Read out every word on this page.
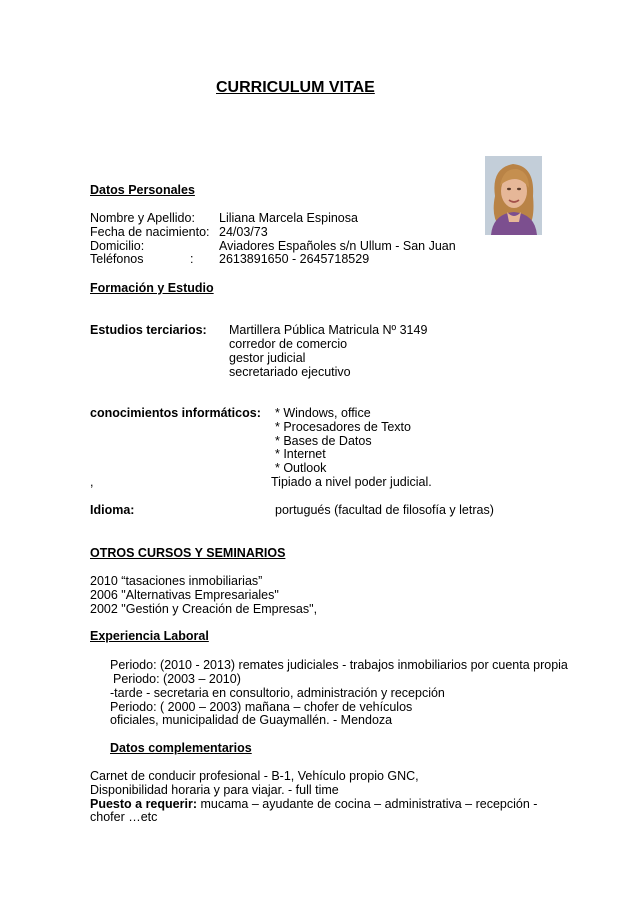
CURRICULUM VITAE
Datos Personales
Nombre y Apellido: Liliana Marcela Espinosa
Fecha de nacimiento: 24/03/73
Domicilio:	Aviadores Españoles s/n Ullum - San Juan
Teléfonos	: 2613891650 - 2645718529
Formación y Estudio
Estudios terciarios: Martillera Pública Matricula Nº 3149
corredor de comercio
gestor judicial
secretariado ejecutivo
conocimientos informáticos: * Windows, office
* Procesadores de Texto
* Bases de Datos
* Internet
* Outlook
,	Tipiado a nivel poder judicial.
Idioma:	portugués (facultad de filosofía y letras)
OTROS CURSOS Y SEMINARIOS
2010 “tasaciones inmobiliarias”
2006 "Alternativas Empresariales"
2002 "Gestión y Creación de Empresas",
Experiencia Laboral
Periodo: (2010 - 2013) remates judiciales - trabajos inmobiliarios por cuenta propia
Periodo: (2003 – 2010)
-tarde - secretaria en consultorio, administración y recepción
Periodo: ( 2000 – 2003) mañana – chofer de vehículos
oficiales, municipalidad de Guaymallén. - Mendoza
Datos complementarios
Carnet de conducir profesional - B-1, Vehículo propio GNC,
Disponibilidad horaria y para viajar. - full time
Puesto a requerir: mucama – ayudante de cocina – administrativa – recepción -
chofer …etc
